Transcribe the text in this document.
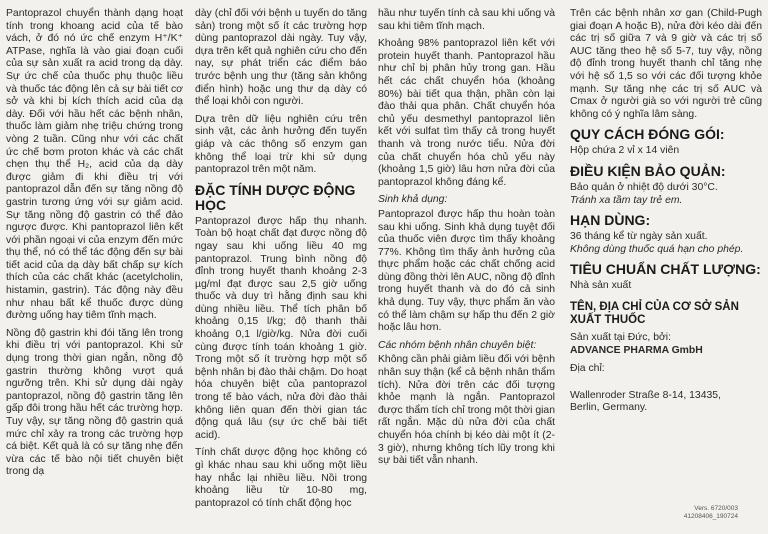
Pantoprazol chuyển thành dạng hoạt tính trong khoang acid của tế bào vách, ở đó nó ức chế enzym H⁺/K⁺ ATPase, nghĩa là vào giai đoạn cuối của sự sản xuất ra acid trong dạ dày. Sự ức chế của thuốc phụ thuộc liều và thuốc tác động lên cả sự bài tiết cơ sở và khi bị kích thích acid của dạ dày. Đối với hầu hết các bệnh nhân, thuốc làm giảm nhẹ triệu chứng trong vòng 2 tuần. Cũng như với các chất ức chế bơm proton khác và các chất chẹn thụ thể H₂, acid của dạ dày được giảm đi khi điều trị với pantoprazol dẫn đến sự tăng nồng độ gastrin tương ứng với sự giảm acid. Sự tăng nồng độ gastrin có thể đảo ngược được. Khi pantoprazol liên kết với phần ngoại vi của enzym đến mức thụ thể, nó có thể tác động đến sự bài tiết acid của dạ dày bất chấp sự kích thích của các chất khác (acetylcholin, histamin, gastrin). Tác động này đều như nhau bất kể thuốc được dùng đường uống hay tiêm tĩnh mạch.

Nồng độ gastrin khi đói tăng lên trong khi điều trị với pantoprazol. Khi sử dụng trong thời gian ngắn, nồng độ gastrin thường không vượt quá ngưỡng trên. Khi sử dụng dài ngày pantoprazol, nồng độ gastrin tăng lên gấp đôi trong hầu hết các trường hợp. Tuy vậy, sự tăng nồng độ gastrin quá mức chỉ xảy ra trong các trường hợp cá biệt. Kết quả là có sự tăng nhẹ đến vừa các tế bào nội tiết chuyên biệt trong dạ

dày (chỉ đối với bệnh u tuyến do tăng sản) trong một số ít các trường hợp dùng pantoprazol dài ngày. Tuy vậy, dựa trên kết quả nghiên cứu cho đến nay, sự phát triển các điểm báo trước bệnh ung thư (tăng sản không điển hình) hoặc ung thư dạ dày có thể loại khỏi con người.

Dựa trên dữ liệu nghiên cứu trên sinh vật, các ảnh hưởng đến tuyến giáp và các thông số enzym gan không thể loại trừ khi sử dụng pantoprazol trên một năm.

ĐẶC TÍNH DƯỢC ĐỘNG HỌC

Pantoprazol được hấp thụ nhanh. Toàn bộ hoạt chất đạt được nồng độ ngay sau khi uống liều 40 mg pantoprazol. Trung bình nồng độ đỉnh trong huyết thanh khoảng 2-3 µg/ml đạt được sau 2,5 giờ uống thuốc và duy trì hằng định sau khi dùng nhiều liều. Thể tích phân bố khoảng 0,15 l/kg; độ thanh thải khoảng 0,1 l/giờ/kg. Nửa đời cuối cùng được tính toán khoảng 1 giờ. Trong một số ít trường hợp một số bệnh nhân bị đào thải chậm. Do hoạt hóa chuyên biệt của pantoprazol trong tế bào vách, nửa đời đào thải không liên quan đến thời gian tác động quá lâu (sự ức chế bài tiết acid).

Tính chất dược động học không có gì khác nhau sau khi uống một liều hay nhắc lại nhiều liều. Nồi trong khoảng liều từ 10-80 mg, pantoprazol có tính chất động học

hầu như tuyến tính cả sau khi uống và sau khi tiêm tĩnh mạch.

Khoảng 98% pantoprazol liên kết với protein huyết thanh. Pantoprazol hầu như chỉ bị phân hủy trong gan. Hầu hết các chất chuyển hóa (khoảng 80%) bài tiết qua thận, phần còn lại đào thải qua phân. Chất chuyển hóa chủ yếu desmethyl pantoprazol liên kết với sulfat tìm thấy cả trong huyết thanh và trong nước tiểu. Nửa đời của chất chuyển hóa chủ yếu này (khoảng 1,5 giờ) lâu hơn nửa đời của pantoprazol không đáng kể.

Sinh khả dụng:

Pantoprazol được hấp thu hoàn toàn sau khi uống. Sinh khả dụng tuyệt đối của thuốc viên được tìm thấy khoảng 77%. Không tìm thấy ảnh hưởng của thực phẩm hoặc các chất chống acid dùng đồng thời lên AUC, nồng độ đỉnh trong huyết thanh và do đó cả sinh khả dụng. Tuy vậy, thực phẩm ăn vào có thể làm chậm sự hấp thu đến 2 giờ hoặc lâu hơn.

Các nhóm bệnh nhân chuyên biệt:

Không cần phải giảm liều đối với bệnh nhân suy thận (kể cả bệnh nhân thẩm tích). Nửa đời trên các đối tượng khỏe mạnh là ngắn. Pantoprazol được thẩm tích chỉ trong một thời gian rất ngắn. Mặc dù nửa đời của chất chuyển hóa chính bị kéo dài một ít (2-3 giờ), nhưng không tích lũy trong khi sự bài tiết vẫn nhanh.

Trên các bệnh nhân xơ gan (Child-Pugh giai đoạn A hoặc B), nửa đời kéo dài đến các trị số giữa 7 và 9 giờ và các trị số AUC tăng theo hệ số 5-7, tuy vậy, nồng độ đỉnh trong huyết thanh chỉ tăng nhẹ với hệ số 1,5 so với các đối tượng khỏe mạnh. Sự tăng nhẹ các trị số AUC và Cmax ở người già so với người trẻ cũng không có ý nghĩa lâm sàng.

QUY CÁCH ĐÓNG GÓI:
Hộp chứa 2 vỉ x 14 viên
ĐIỀU KIỆN BẢO QUẢN:
Bảo quản ở nhiệt độ dưới 30°C.
Tránh xa tầm tay trẻ em.
HẠN DÙNG:
36 tháng kể từ ngày sản xuất.
Không dùng thuốc quá hạn cho phép.
TIÊU CHUẨN CHẤT LƯỢNG:
Nhà sản xuất
TÊN, ĐỊA CHỈ CỦA CƠ SỞ SẢN XUẤT THUỐC
Sản xuất tại Đức, bởi:
ADVANCE PHARMA GmbH
Địa chỉ:
Wallenroder Straße 8-14, 13435,
Berlin, Germany.
Vers. 6720/003
41208406_190724
